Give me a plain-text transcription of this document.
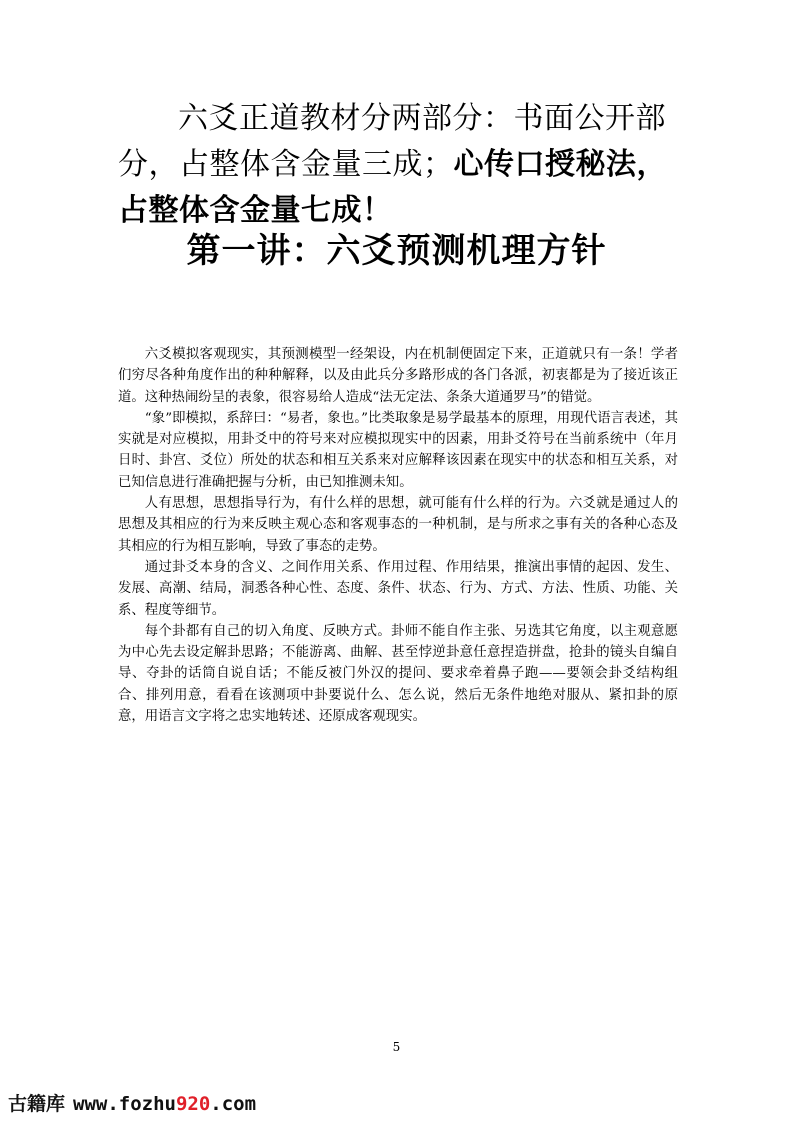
六爻正道教材分两部分：书面公开部分，占整体含金量三成；心传口授秘法，占整体含金量七成！
第一讲：六爻预测机理方针

六爻模拟客观现实，其预测模型一经架设，内在机制便固定下来，正道就只有一条！学者们穷尽各种角度作出的种种解释，以及由此兵分多路形成的各门各派，初衷都是为了接近该正道。这种热闹纷呈的表象，很容易给人造成“法无定法、条条大道通罗马”的错觉。

“象”即模拟，系辞曰：“易者，象也。”比类取象是易学最基本的原理，用现代语言表述，其实就是对应模拟，用卦爻中的符号来对应模拟现实中的因素，用卦爻符号在当前系统中（年月日时、卦宫、爻位）所处的状态和相互关系来对应解释该因素在现实中的状态和相互关系，对已知信息进行准确把握与分析，由已知推测未知。

人有思想，思想指导行为，有什么样的思想，就可能有什么样的行为。六爻就是通过人的思想及其相应的行为来反映主观心态和客观事态的一种机制，是与所求之事有关的各种心态及其相应的行为相互影响，导致了事态的走势。

通过卦爻本身的含义、之间作用关系、作用过程、作用结果，推演出事情的起因、发生、发展、高潮、结局，洞悉各种心性、态度、条件、状态、行为、方式、方法、性质、功能、关系、程度等细节。

每个卦都有自己的切入角度、反映方式。卦师不能自作主张、另选其它角度，以主观意愿为中心先去设定解卦思路；不能游离、曲解、甚至悖逆卦意任意捏造拼盘，抢卦的镜头自编自导、夺卦的话筒自说自话；不能反被门外汉的提问、要求牵着鼻子跑——要领会卦爻结构组合、排列用意，看看在该测项中卦要说什么、怎么说，然后无条件地绝对服从、紧扣卦的原意，用语言文字将之忠实地转述、还原成客观现实。

5
古籍库 www.fozhu920.com
